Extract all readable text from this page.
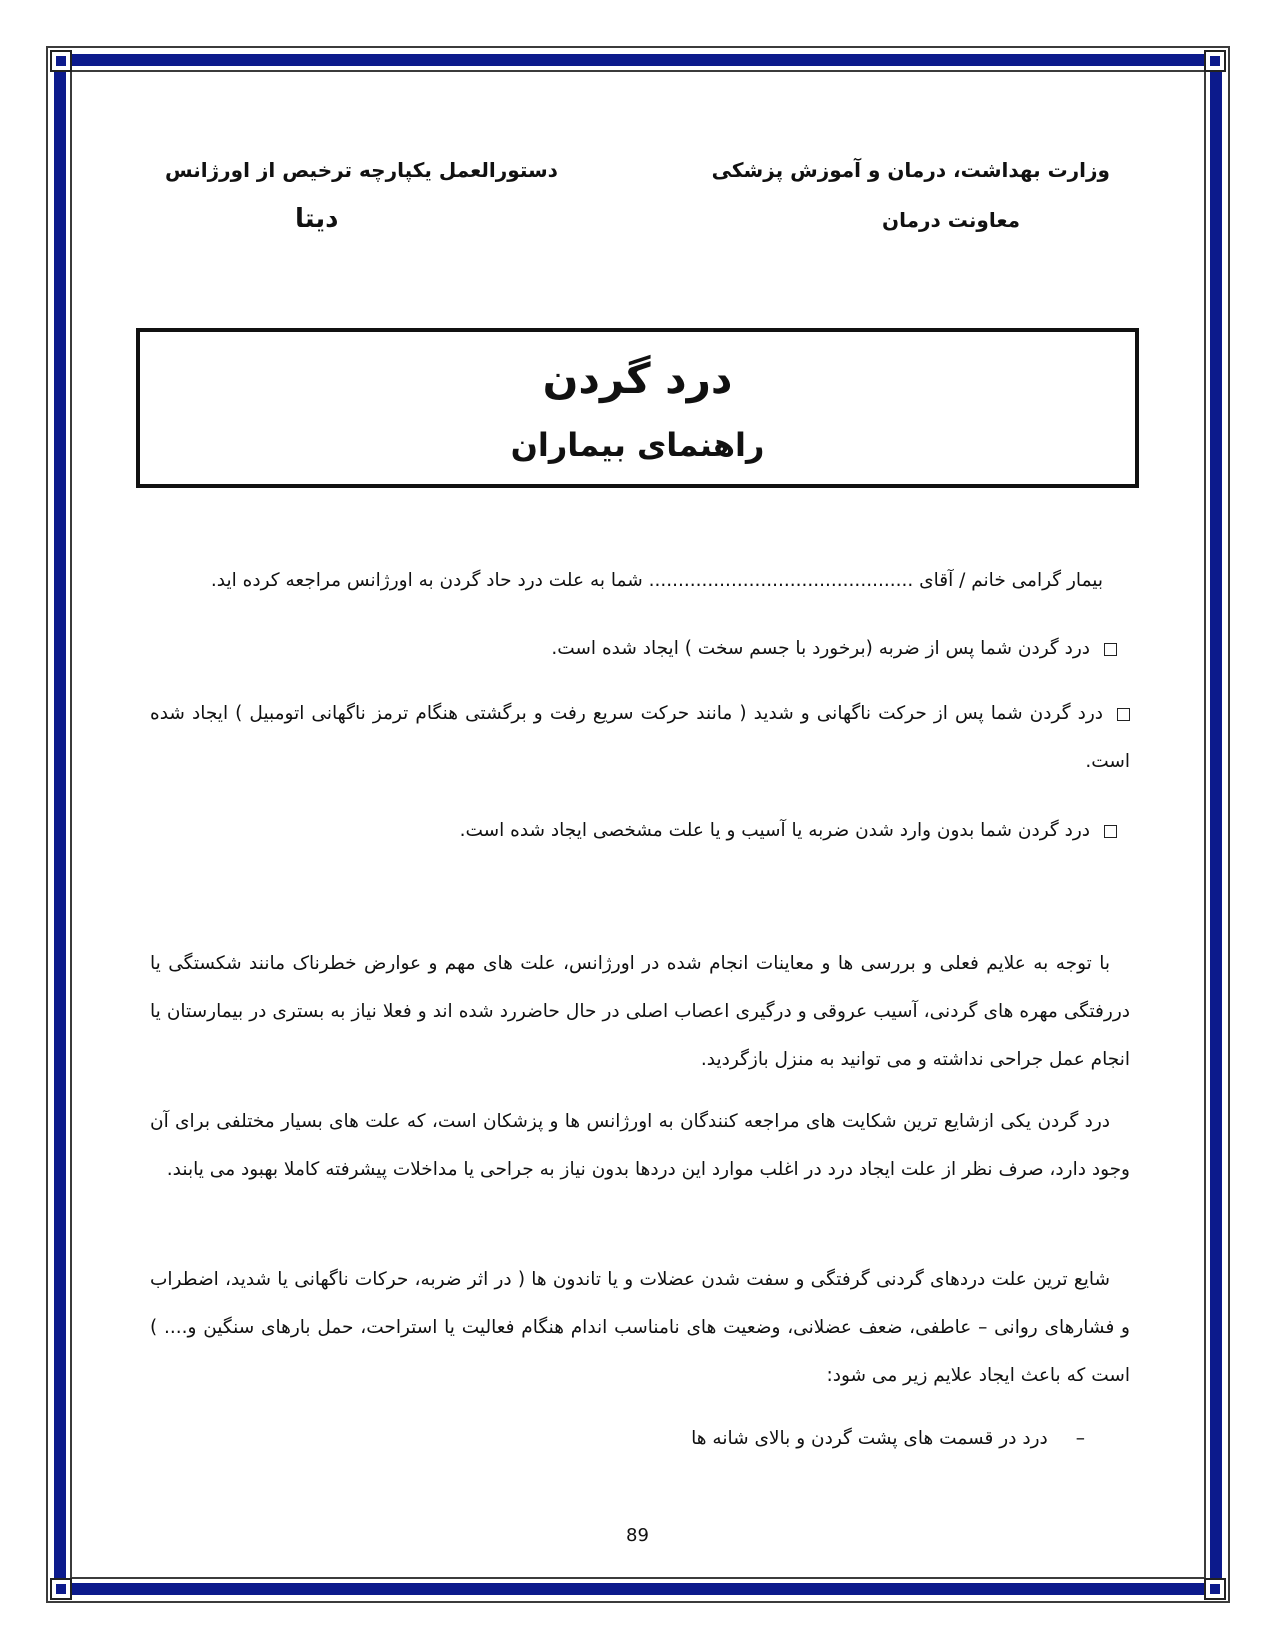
وزارت بهداشت، درمان و آموزش پزشکی
معاونت درمان
دستورالعمل یکپارچه ترخیص از اورژانس
دیتا
درد گردن
راهنمای بیماران
بیمار گرامی خانم / آقای ............................................. شما به علت درد حاد گردن به اورژانس مراجعه کرده اید.
درد گردن شما پس از ضربه (برخورد با جسم سخت ) ایجاد شده است.
درد گردن شما پس از حرکت ناگهانی و شدید ( مانند حرکت سریع رفت و برگشتی هنگام ترمز ناگهانی اتومبیل ) ایجاد شده است.
درد گردن شما بدون وارد شدن ضربه یا آسیب و یا علت مشخصی ایجاد شده است.
با توجه به علایم فعلی و بررسی ها و معاینات انجام شده در اورژانس، علت های مهم و عوارض خطرناک مانند شکستگی یا دررفتگی مهره های گردنی، آسیب عروقی و درگیری اعصاب اصلی در حال حاضررد شده اند و فعلا نیاز به بستری در بیمارستان یا انجام عمل جراحی نداشته و می توانید به منزل بازگردید.
درد گردن یکی ازشایع ترین شکایت های مراجعه کنندگان به اورژانس ها و پزشکان است، که علت های بسیار مختلفی برای آن وجود دارد، صرف نظر از علت ایجاد درد در اغلب موارد این دردها بدون نیاز به جراحی یا مداخلات پیشرفته کاملا بهبود می یابند.
شایع ترین علت دردهای گردنی گرفتگی و سفت شدن عضلات و یا تاندون ها ( در اثر ضربه، حرکات ناگهانی یا شدید، اضطراب و فشارهای روانی – عاطفی، ضعف عضلانی، وضعیت های نامناسب اندام هنگام فعالیت یا استراحت، حمل بارهای سنگین و.... ) است که باعث ایجاد علایم زیر می شود:
–درد در قسمت های پشت گردن و بالای شانه ها
89
